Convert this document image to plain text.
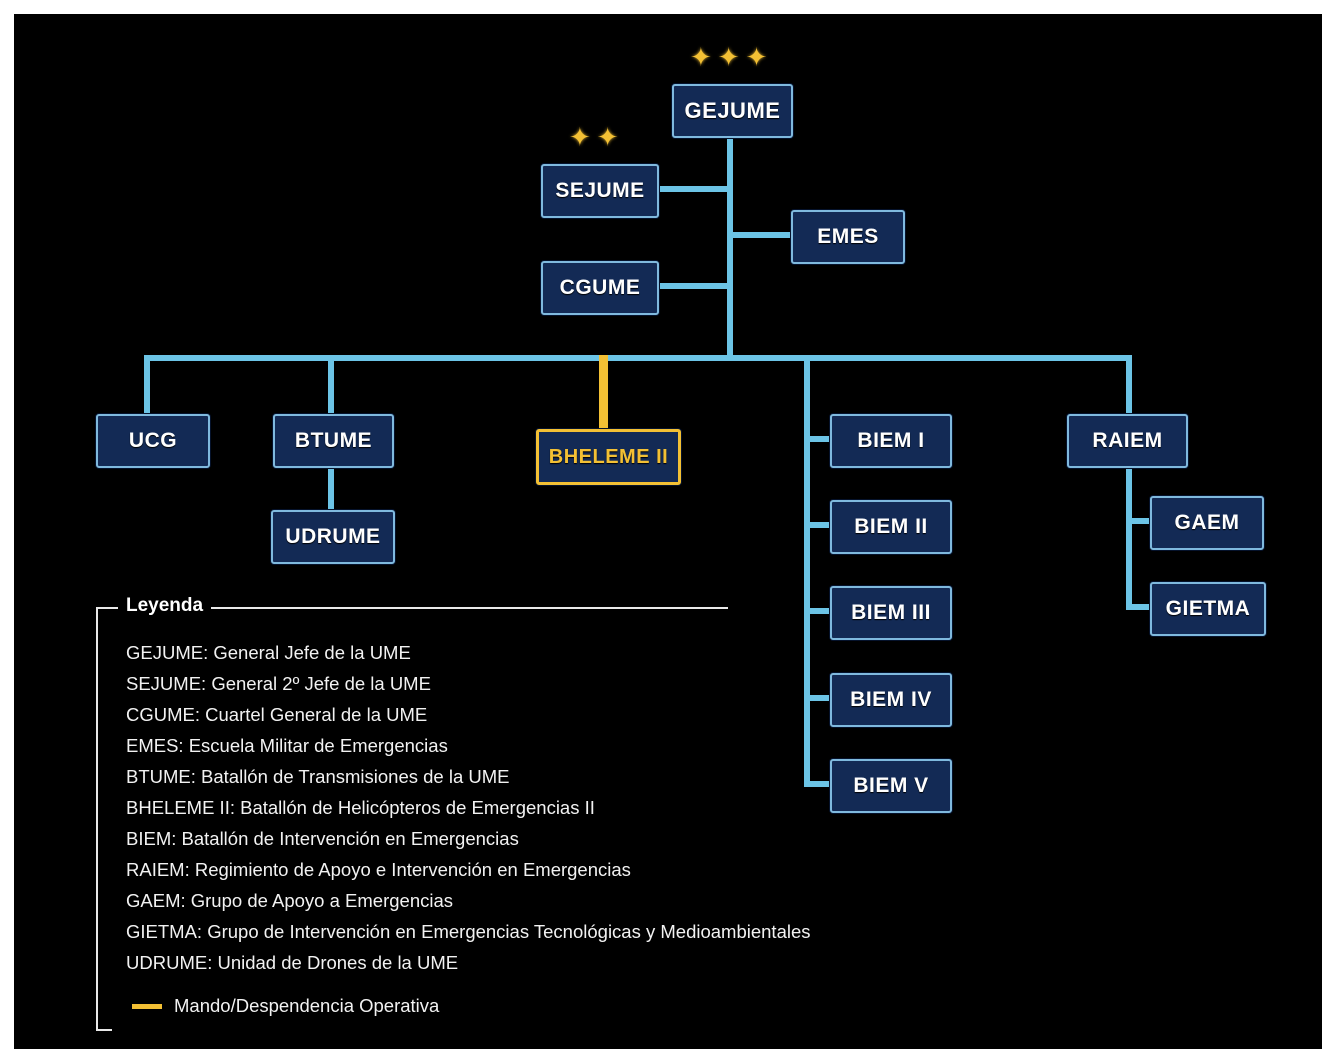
✦ ✦ ✦
✦ ✦
GEJUME
SEJUME
EMES
CGUME
UCG	BTUME
UDRUME
BHELEME II
BIEM I
BIEM II
BIEM III
BIEM IV
BIEM V
RAIEM
GAEM
GIETMA
Leyenda
GEJUME: General Jefe de la UME
SEJUME: General 2º Jefe de la UME
CGUME: Cuartel General de la UME
EMES: Escuela Militar de Emergencias
BTUME: Batallón de Transmisiones de la UME
BHELEME II: Batallón de Helicópteros de Emergencias II
BIEM: Batallón de Intervención en Emergencias
RAIEM: Regimiento de Apoyo e Intervención en Emergencias
GAEM: Grupo de Apoyo a Emergencias
GIETMA: Grupo de Intervención en Emergencias Tecnológicas y Medioambientales
UDRUME: Unidad de Drones de la UME
Mando/Despendencia Operativa
